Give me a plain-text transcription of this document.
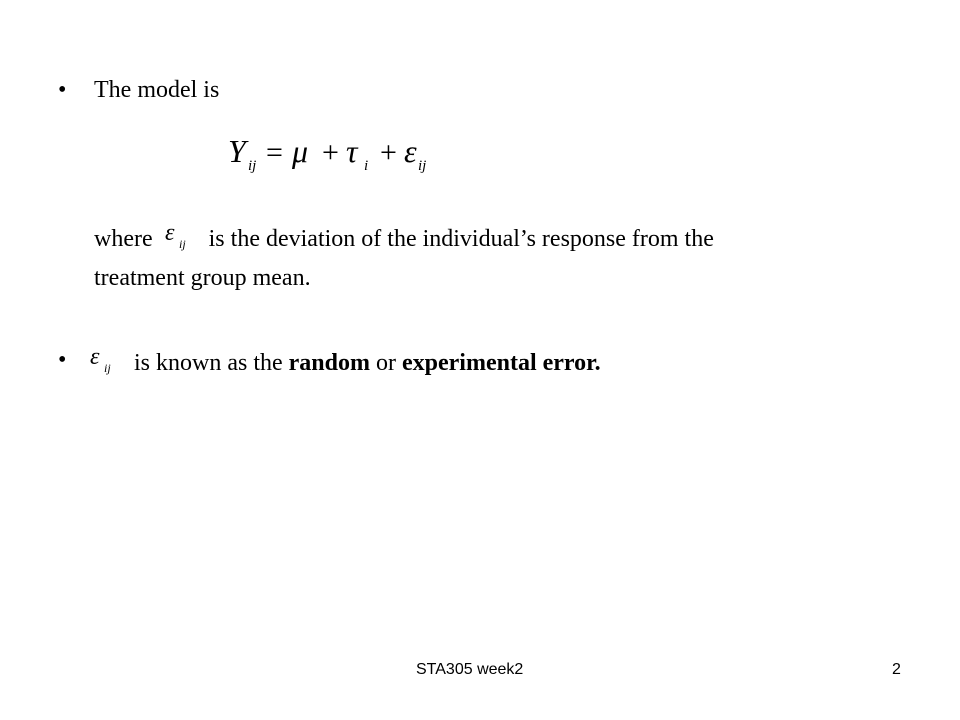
• The model is
Y ij = μ + τ i + ε ij
where ε ij is the deviation of the individual’s response from the
treatment group mean.
• ε ij is known as the random or experimental error.
STA305 week2	2
